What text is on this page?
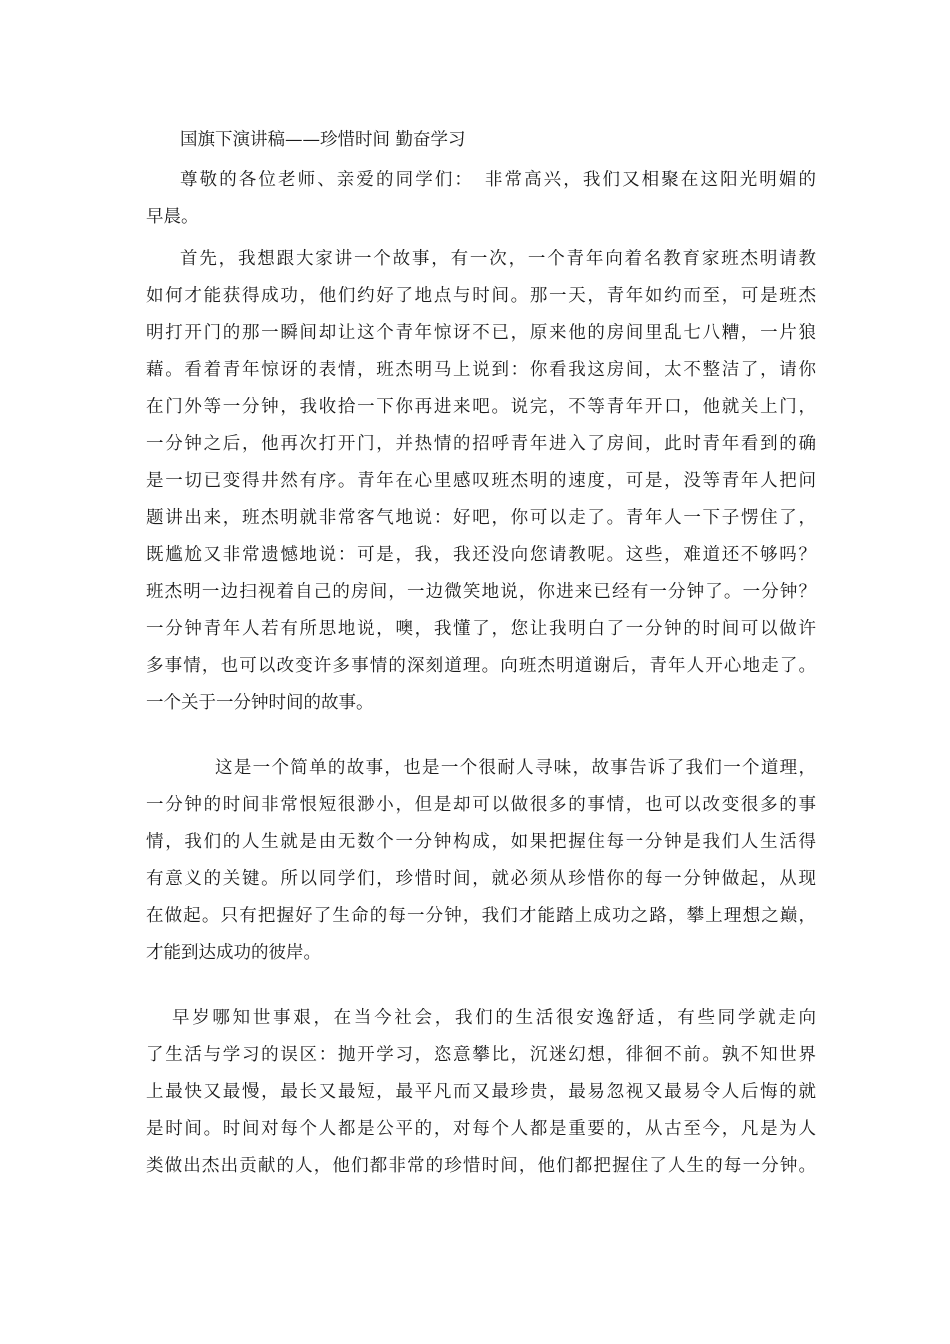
国旗下演讲稿——珍惜时间 勤奋学习
尊敬的各位老师、亲爱的同学们：　非常高兴，我们又相聚在这阳光明媚的
早晨。
首先，我想跟大家讲一个故事，有一次，一个青年向着名教育家班杰明请教
如何才能获得成功，他们约好了地点与时间。那一天，青年如约而至，可是班杰
明打开门的那一瞬间却让这个青年惊讶不已，原来他的房间里乱七八糟，一片狼
藉。看着青年惊讶的表情，班杰明马上说到：你看我这房间，太不整洁了，请你
在门外等一分钟，我收拾一下你再进来吧。说完，不等青年开口，他就关上门，
一分钟之后，他再次打开门，并热情的招呼青年进入了房间，此时青年看到的确
是一切已变得井然有序。青年在心里感叹班杰明的速度，可是，没等青年人把问
题讲出来，班杰明就非常客气地说：好吧，你可以走了。青年人一下子愣住了，
既尴尬又非常遗憾地说：可是，我，我还没向您请教呢。这些，难道还不够吗？
班杰明一边扫视着自己的房间，一边微笑地说，你进来已经有一分钟了。一分钟？
一分钟青年人若有所思地说，噢，我懂了，您让我明白了一分钟的时间可以做许
多事情，也可以改变许多事情的深刻道理。向班杰明道谢后，青年人开心地走了。
一个关于一分钟时间的故事。
这是一个简单的故事，也是一个很耐人寻味，故事告诉了我们一个道理，
一分钟的时间非常恨短很渺小，但是却可以做很多的事情，也可以改变很多的事
情，我们的人生就是由无数个一分钟构成，如果把握住每一分钟是我们人生活得
有意义的关键。所以同学们，珍惜时间，就必须从珍惜你的每一分钟做起，从现
在做起。只有把握好了生命的每一分钟，我们才能踏上成功之路，攀上理想之巅，
才能到达成功的彼岸。
早岁哪知世事艰，在当今社会，我们的生活很安逸舒适，有些同学就走向
了生活与学习的误区：抛开学习，恣意攀比，沉迷幻想，徘徊不前。孰不知世界
上最快又最慢，最长又最短，最平凡而又最珍贵，最易忽视又最易令人后悔的就
是时间。时间对每个人都是公平的，对每个人都是重要的，从古至今，凡是为人
类做出杰出贡献的人，他们都非常的珍惜时间，他们都把握住了人生的每一分钟。
